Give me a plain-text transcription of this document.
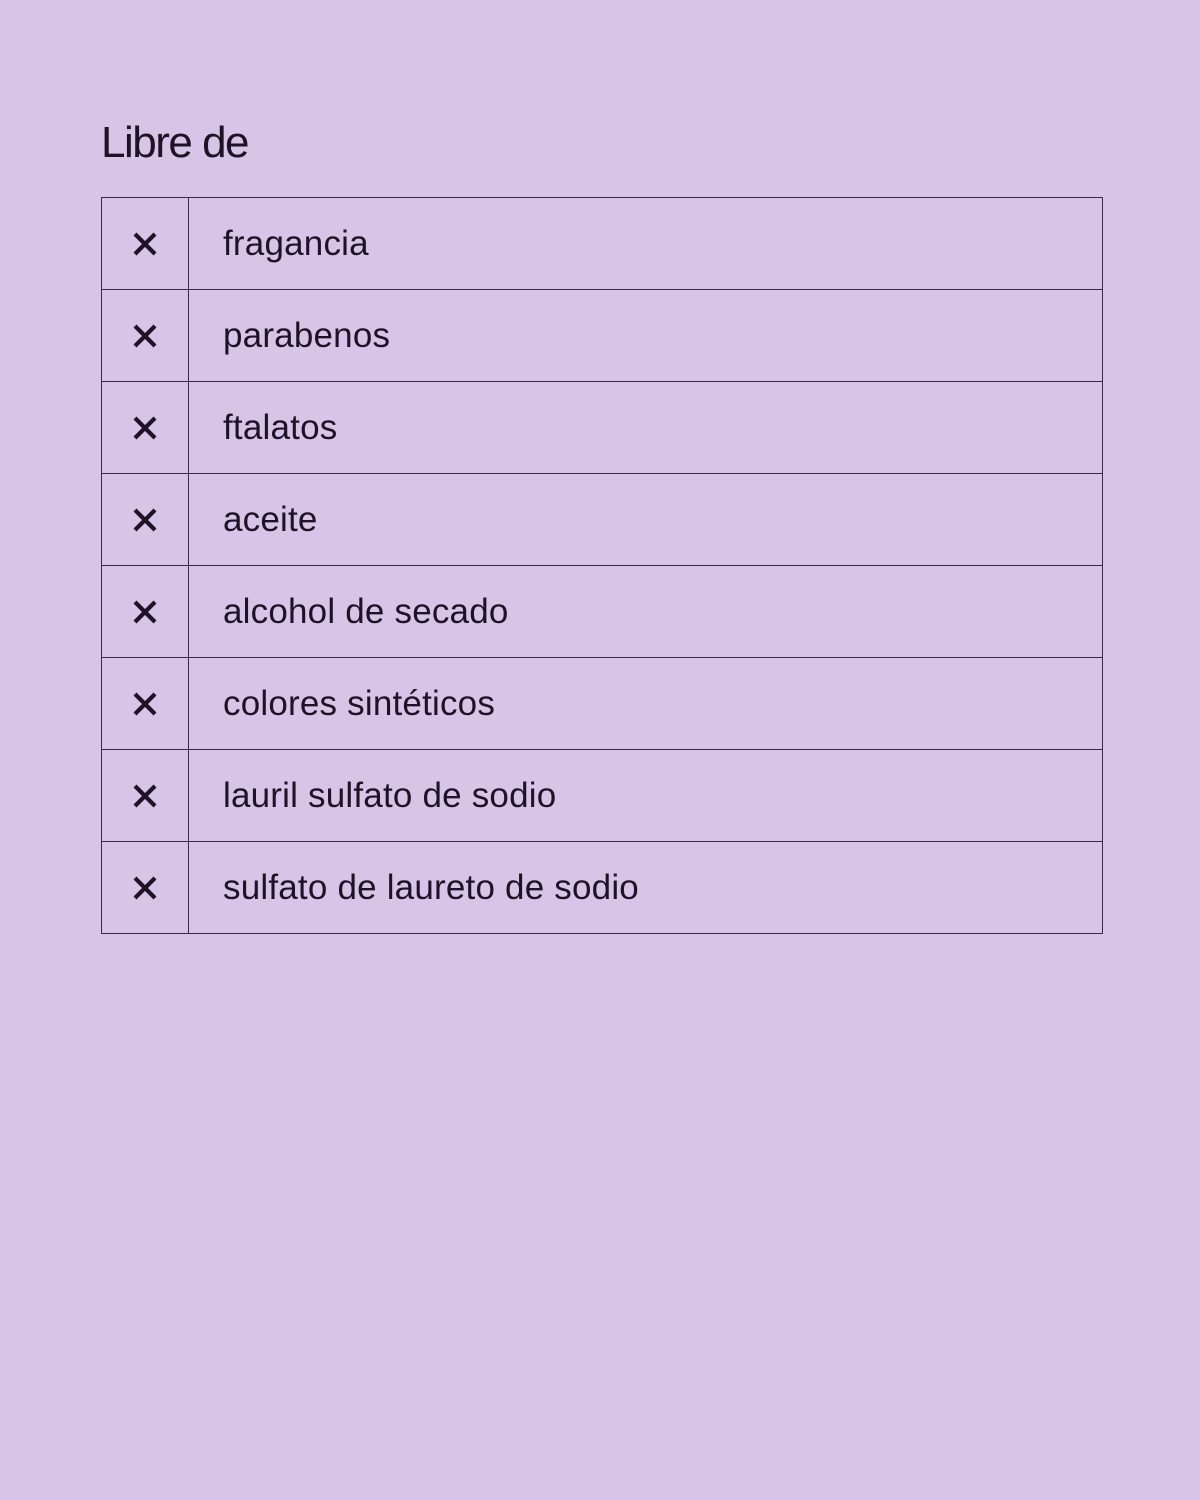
Libre de
	fragancia

	parabenos

	ftalatos

	aceite

	alcohol de secado

	colores sintéticos

	lauril sulfato de sodio

	sulfato de laureto de sodio
